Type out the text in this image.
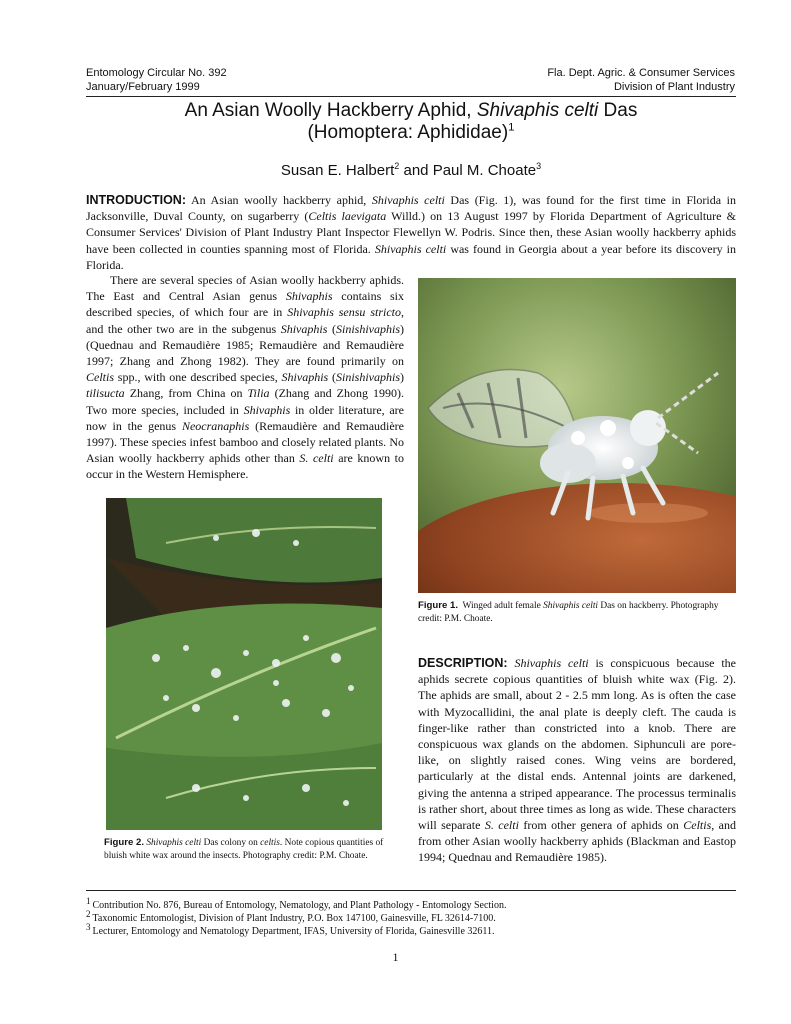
Entomology Circular No. 392
January/February 1999
Fla. Dept. Agric. & Consumer Services
Division of Plant Industry
An Asian Woolly Hackberry Aphid, Shivaphis celti Das
(Homoptera: Aphididae)$^1$
Susan E. Halbert$^2$ and Paul M. Choate$^3$
INTRODUCTION: An Asian woolly hackberry aphid, Shivaphis celti Das (Fig. 1), was found for the first time in Florida in Jacksonville, Duval County, on sugarberry (Celtis laevigata Willd.) on 13 August 1997 by Florida Department of Agriculture & Consumer Services' Division of Plant Industry Plant Inspector Flewellyn W. Podris. Since then, these Asian woolly hackberry aphids have been collected in counties spanning most of Florida. Shivaphis celti was found in Georgia about a year before its discovery in Florida.
There are several species of Asian woolly hackberry aphids. The East and Central Asian genus Shivaphis contains six described species, of which four are in Shivaphis sensu stricto, and the other two are in the subgenus Shivaphis (Sinishivaphis) (Quednau and Remaudière 1985; Remaudière and Remaudière 1997; Zhang and Zhong 1982). They are found primarily on Celtis spp., with one described species, Shivaphis (Sinishivaphis) tilisucta Zhang, from China on Tilia (Zhang and Zhong 1990). Two more species, included in Shivaphis in older literature, are now in the genus Neocranaphis (Remaudière and Remaudière 1997). These species infest bamboo and closely related plants. No Asian woolly hackberry aphids other than S. celti are known to occur in the Western Hemisphere.
Figure 1.  Winged adult female Shivaphis celti Das on hackberry. Photography credit: P.M. Choate.
Figure 2. Shivaphis celti Das colony on celtis. Note copious quantities of bluish white wax around the insects. Photography credit: P.M. Choate.
DESCRIPTION: Shivaphis celti is conspicuous because the aphids secrete copious quantities of bluish white wax (Fig. 2). The aphids are small, about 2 - 2.5 mm long. As is often the case with Myzocallidini, the anal plate is deeply cleft. The cauda is finger-like rather than constricted into a knob. There are conspicuous wax glands on the abdomen. Siphunculi are pore-like, on slightly raised cones. Wing veins are bordered, particularly at the distal ends. Antennal joints are darkened, giving the antenna a striped appearance. The processus terminalis is rather short, about three times as long as wide. These characters will separate S. celti from other genera of aphids on Celtis, and from other Asian woolly hackberry aphids (Blackman and Eastop 1994; Quednau and Remaudière 1985).
1 Contribution No. 876, Bureau of Entomology, Nematology, and Plant Pathology - Entomology Section.
2 Taxonomic Entomologist, Division of Plant Industry, P.O. Box 147100, Gainesville, FL 32614-7100.
3 Lecturer, Entomology and Nematology Department, IFAS, University of Florida, Gainesville 32611.
1
